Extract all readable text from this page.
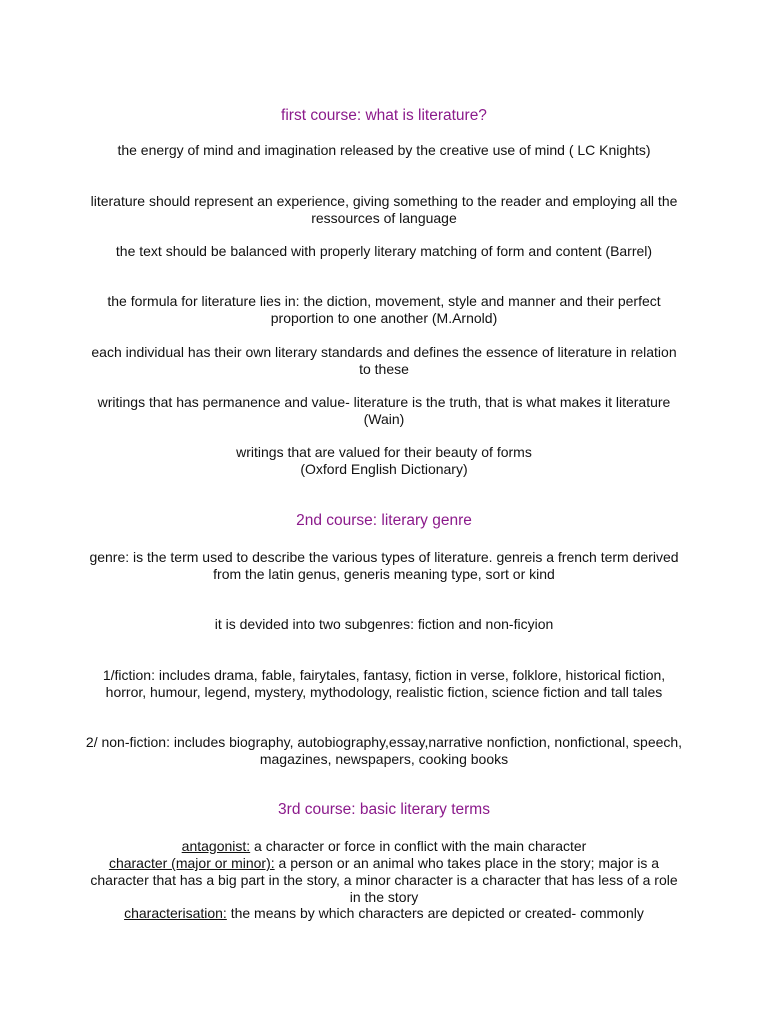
first course: what is literature?

the energy of mind and imagination released by the creative use of mind ( LC Knights)

literature should represent an experience, giving something to the reader and employing all the ressources of language

the text should be balanced with properly literary matching of form and content (Barrel)

the formula for literature lies in: the diction, movement, style and manner and their perfect proportion to one another (M.Arnold)

each individual has their own literary standards and defines the essence of literature in relation to these

writings that has permanence and value- literature is the truth, that is what makes it literature (Wain)

writings that are valued for their beauty of forms

(Oxford English Dictionary)

2nd course: literary genre

genre: is the term used to describe the various types of literature. genreis a french term derived from the latin genus, generis meaning type, sort or kind

it is devided into two subgenres: fiction and non-ficyion

1/fiction: includes drama, fable, fairytales, fantasy, fiction in verse, folklore, historical fiction, horror, humour, legend, mystery, mythodology, realistic fiction, science fiction and tall tales

2/ non-fiction: includes biography, autobiography,essay,narrative nonfiction, nonfictional, speech, magazines, newspapers, cooking books

3rd course: basic literary terms

antagonist: a character or force in conflict with the main character

character (major or minor): a person or an animal who takes place in the story; major is a character that has a big part in the story, a minor character is a character that has less of a role in the story

characterisation: the means by which characters are depicted or created- commonly
